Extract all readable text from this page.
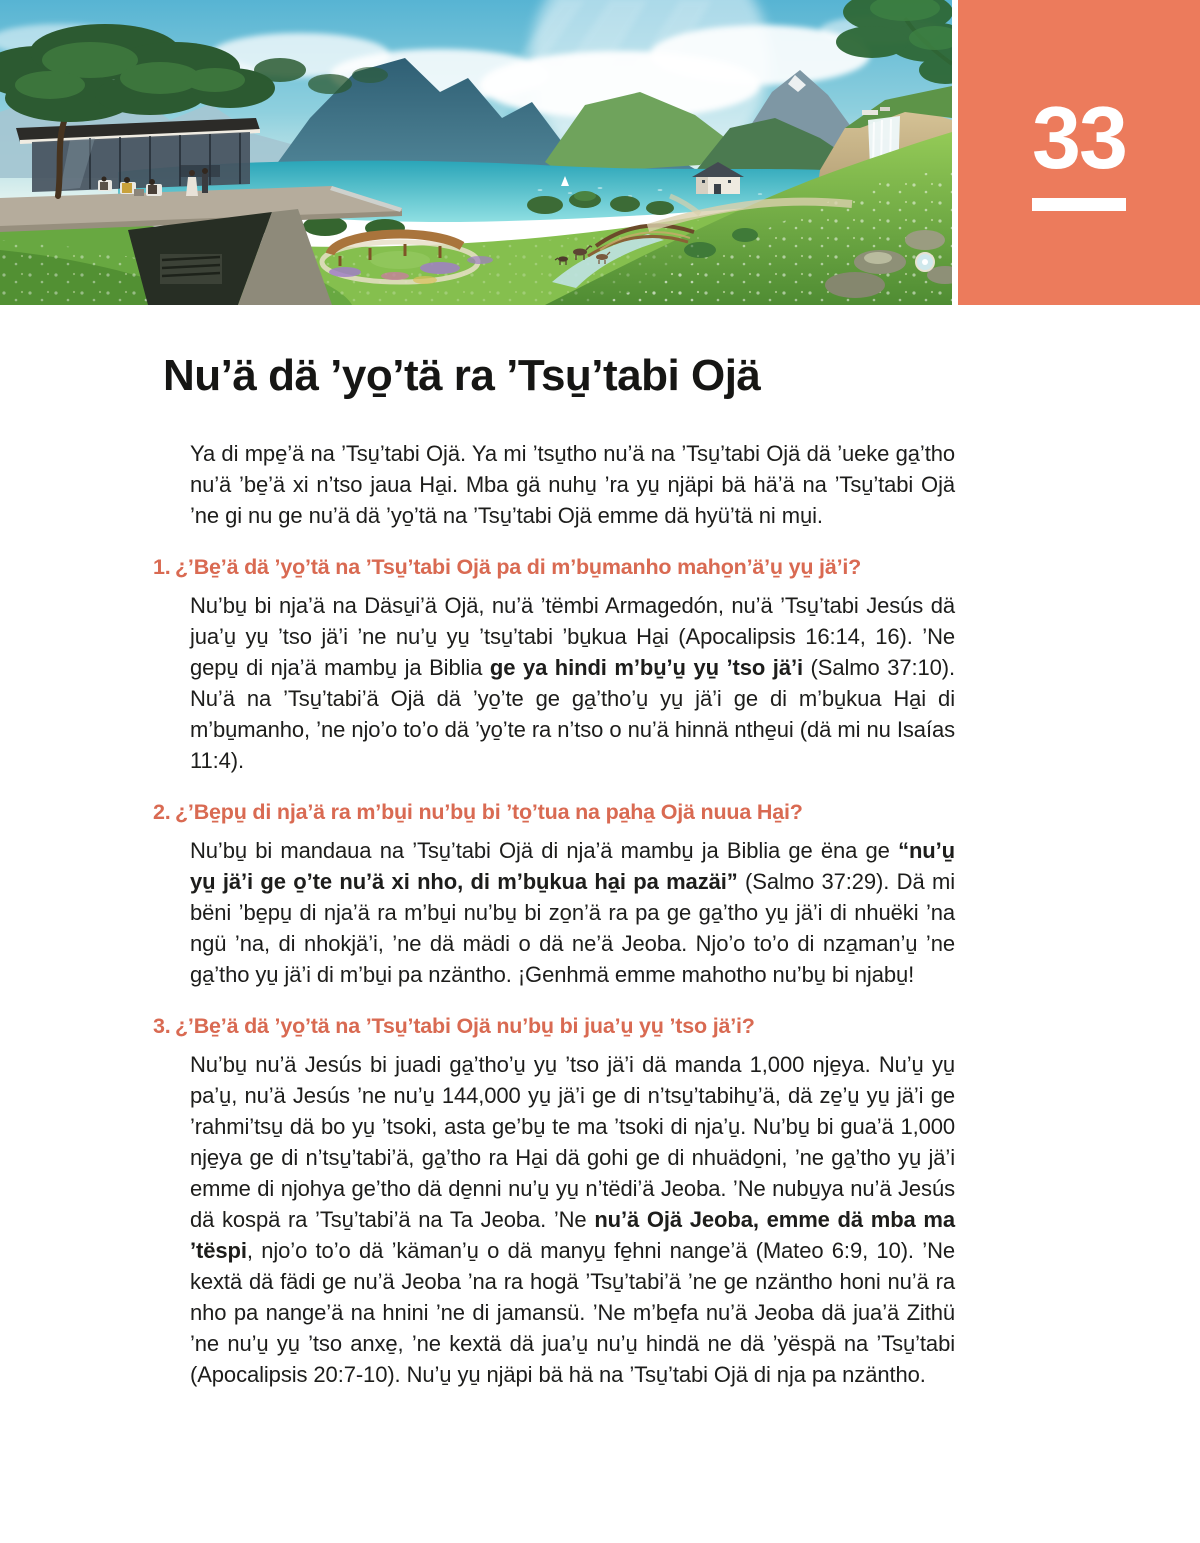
33
Nu’ä dä ’yo̱’tä ra ’Tsu̱’tabi Ojä

Ya di mpe̱’ä na ’Tsu̱’tabi Ojä. Ya mi ’tsu̱tho nu’ä na ’Tsu̱’tabi Ojä dä ’ueke ga̱’tho nu’ä ’be̱’ä xi n’tso jaua Ha̱i. Mba gä nuhu̱ ’ra yu̱ njäpi bä hä’ä na ’Tsu̱’tabi Ojä ’ne gi nu ge nu’ä dä ’yo̱’tä na ’Tsu̱’tabi Ojä emme dä hyü’tä ni mu̱i.

1. ¿’Be̱’ä dä ’yo̱’tä na ’Tsu̱’tabi Ojä pa di m’bu̱manho maho̱n’ä’u̱ yu̱ jä’i?

Nu’bu̱ bi nja’ä na Däsu̱i’ä Ojä, nu’ä ’tëmbi Armagedón, nu’ä ’Tsu̱’tabi Jesús dä jua’u̱ yu̱ ’tso jä’i ’ne nu’u̱ yu̱ ’tsu̱’tabi ’bu̱kua Ha̱i (Apocalipsis 16:14, 16). ’Ne gepu̱ di nja’ä mambu̱ ja Biblia ge ya hindi m’bu̱’u̱ yu̱ ’tso jä’i (Salmo 37:10). Nu’ä na ’Tsu̱’tabi’ä Ojä dä ’yo̱’te ge ga̱’tho’u̱ yu̱ jä’i ge di m’bu̱kua Ha̱i di m’bu̱manho, ’ne njo’o to’o dä ’yo̱’te ra n’tso o nu’ä hinnä nthe̱ui (dä mi nu Isaías 11:4).

2. ¿’Be̱pu̱ di nja’ä ra m’bu̱i nu’bu̱ bi ’to̱’tua na pa̱ha̱ Ojä nuua Ha̱i?

Nu’bu̱ bi mandaua na ’Tsu̱’tabi Ojä di nja’ä mambu̱ ja Biblia ge ëna ge “nu’u̱ yu̱ jä’i ge o̱’te nu’ä xi nho, di m’bu̱kua ha̱i pa mazäi” (Salmo 37:29). Dä mi bëni ’be̱pu̱ di nja’ä ra m’bu̱i nu’bu̱ bi zo̱n’ä ra pa ge ga̱’tho yu̱ jä’i di nhuëki ’na ngü ’na, di nhokjä’i, ’ne dä mädi o dä ne’ä Jeoba. Njo’o to’o di nza̱man’u̱ ’ne ga̱’tho yu̱ jä’i di m’bu̱i pa nzäntho. ¡Genhmä emme mahotho nu’bu̱ bi njabu̱!

3. ¿’Be̱’ä dä ’yo̱’tä na ’Tsu̱’tabi Ojä nu’bu̱ bi jua’u̱ yu̱ ’tso jä’i?

Nu’bu̱ nu’ä Jesús bi juadi ga̱’tho’u̱ yu̱ ’tso jä’i dä manda 1,000 nje̱ya. Nu’u̱ yu̱ pa’u̱, nu’ä Jesús ’ne nu’u̱ 144,000 yu̱ jä’i ge di n’tsu̱’tabihu̱’ä, dä ze̱’u̱ yu̱ jä’i ge ’rahmi’tsu̱ dä bo yu̱ ’tsoki, asta ge’bu̱ te ma ’tsoki di nja’u̱. Nu’bu̱ bi gua’ä 1,000 nje̱ya ge di n’tsu̱’tabi’ä, ga̱’tho ra Ha̱i dä gohi ge di nhuädo̱ni, ’ne ga̱’tho yu̱ jä’i emme di njohya ge’tho dä de̱nni nu’u̱ yu̱ n’tëdi’ä Jeoba. ’Ne nubu̱ya nu’ä Jesús dä kospä ra ’Tsu̱’tabi’ä na Ta Jeoba. ’Ne nu’ä Ojä Jeoba, emme dä mba ma ’tëspi, njo’o to’o dä ’käman’u̱ o dä manyu̱ fe̱hni nange’ä (Mateo 6:9, 10). ’Ne kextä dä fädi ge nu’ä Jeoba ’na ra hogä ’Tsu̱’tabi’ä ’ne ge nzäntho honi nu’ä ra nho pa nange’ä na hnini ’ne di jamansü. ’Ne m’be̱fa nu’ä Jeoba dä jua’ä Zithü ’ne nu’u̱ yu̱ ’tso anxe̱, ’ne kextä dä jua’u̱ nu’u̱ hindä ne dä ’yëspä na ’Tsu̱’tabi (Apocalipsis 20:7-10). Nu’u̱ yu̱ njäpi bä hä na ’Tsu̱’tabi Ojä di nja pa nzäntho.
